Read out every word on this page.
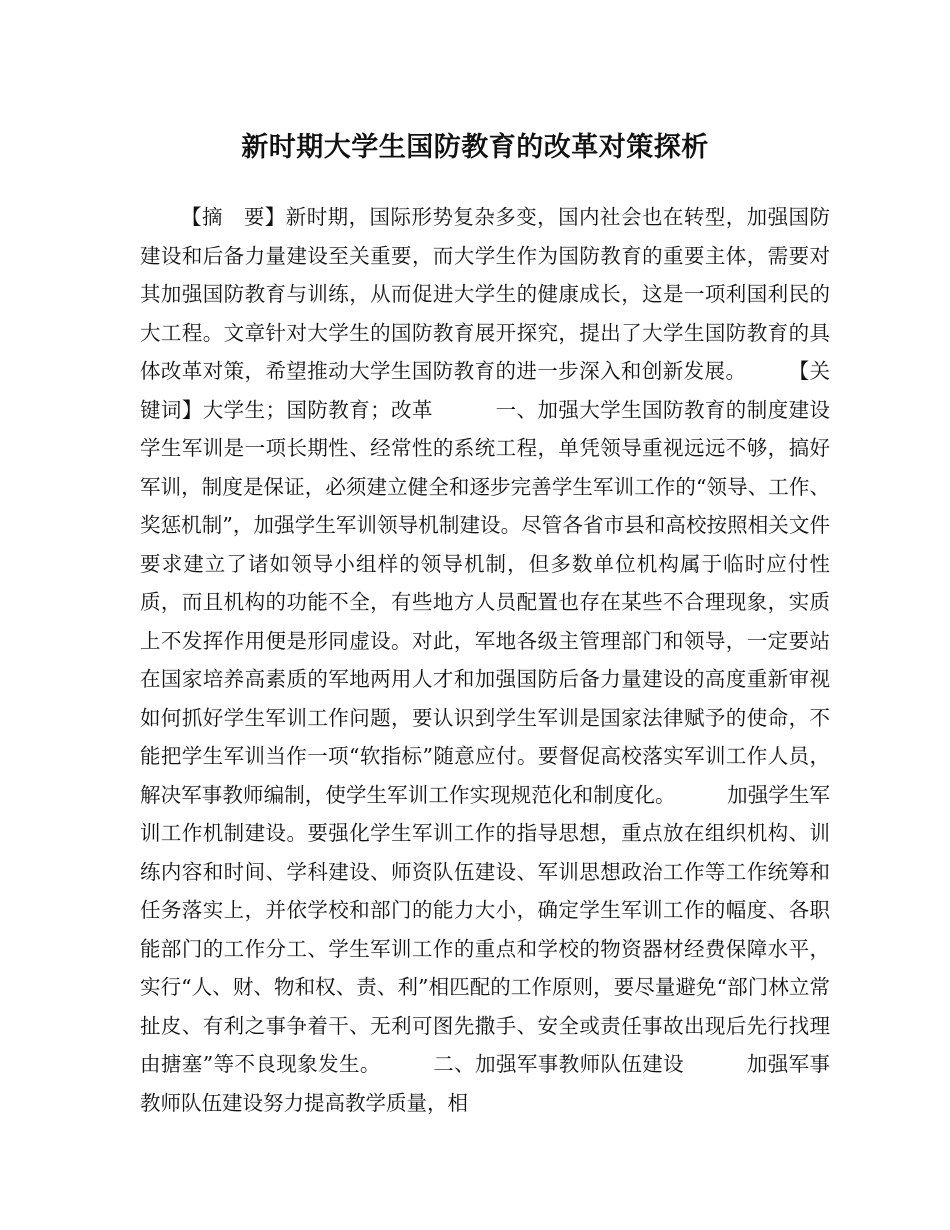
新时期大学生国防教育的改革对策探析

【摘　要】新时期，国际形势复杂多变，国内社会也在转型，加强国防建设和后备力量建设至关重要，而大学生作为国防教育的重要主体，需要对其加强国防教育与训练，从而促进大学生的健康成长，这是一项利国利民的大工程。文章针对大学生的国防教育展开探究，提出了大学生国防教育的具体改革对策，希望推动大学生国防教育的进一步深入和创新发展。　　　【关键词】大学生；国防教育；改革　　　一、加强大学生国防教育的制度建设　　　学生军训是一项长期性、经常性的系统工程，单凭领导重视远远不够，搞好军训，制度是保证，必须建立健全和逐步完善学生军训工作的“领导、工作、奖惩机制”，加强学生军训领导机制建设。尽管各省市县和高校按照相关文件要求建立了诸如领导小组样的领导机制，但多数单位机构属于临时应付性质，而且机构的功能不全，有些地方人员配置也存在某些不合理现象，实质上不发挥作用便是形同虚设。对此，军地各级主管理部门和领导，一定要站在国家培养高素质的军地两用人才和加强国防后备力量建设的高度重新审视如何抓好学生军训工作问题，要认识到学生军训是国家法律赋予的使命，不能把学生军训当作一项“软指标”随意应付。要督促高校落实军训工作人员，解决军事教师编制，使学生军训工作实现规范化和制度化。　　　加强学生军训工作机制建设。要强化学生军训工作的指导思想，重点放在组织机构、训练内容和时间、学科建设、师资队伍建设、军训思想政治工作等工作统筹和任务落实上，并依学校和部门的能力大小，确定学生军训工作的幅度、各职能部门的工作分工、学生军训工作的重点和学校的物资器材经费保障水平，实行“人、财、物和权、责、利”相匹配的工作原则，要尽量避免“部门林立常扯皮、有利之事争着干、无利可图先撒手、安全或责任事故出现后先行找理由搪塞”等不良现象发生。　　　二、加强军事教师队伍建设　　　加强军事教师队伍建设努力提高教学质量，相
